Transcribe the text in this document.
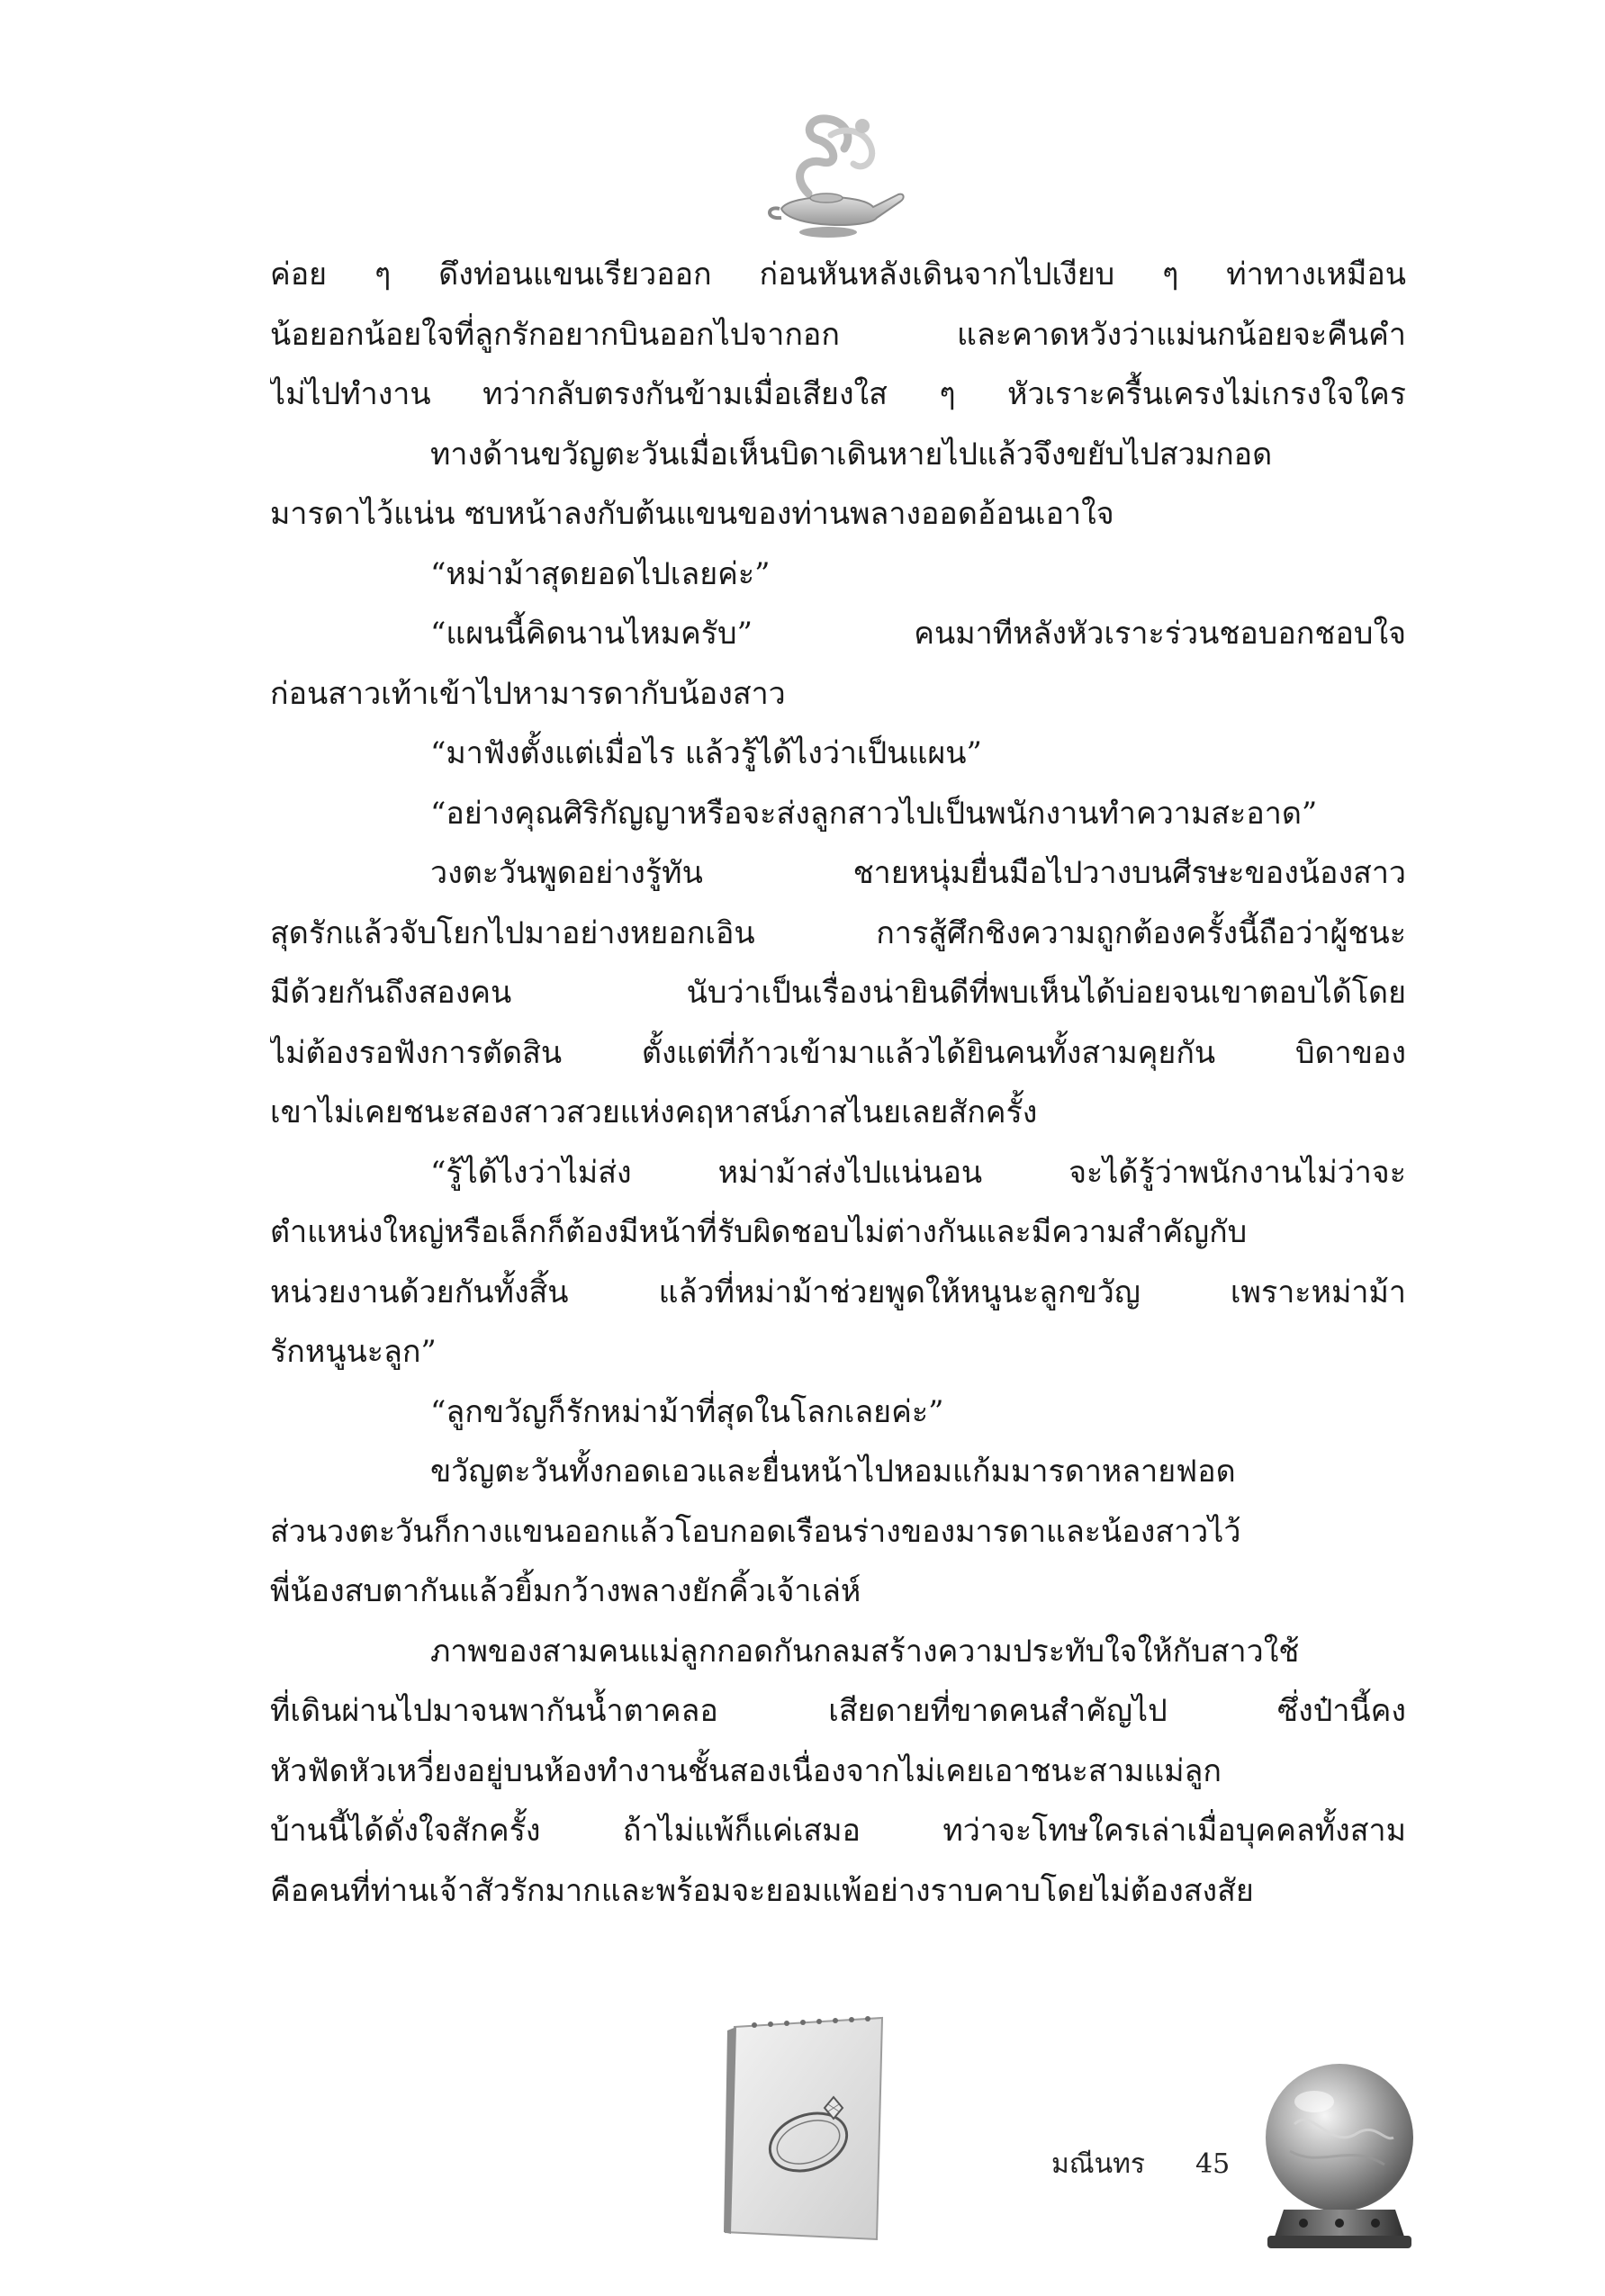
ค่อย ๆ ดึงท่อนแขนเรียวออก ก่อนหันหลังเดินจากไปเงียบ ๆ ท่าทางเหมือน
น้อยอกน้อยใจที่ลูกรักอยากบินออกไปจากอก และคาดหวังว่าแม่นกน้อยจะคืนคำ
ไม่ไปทำงาน ทว่ากลับตรงกันข้ามเมื่อเสียงใส ๆ หัวเราะครื้นเครงไม่เกรงใจใคร
ทางด้านขวัญตะวันเมื่อเห็นบิดาเดินหายไปแล้วจึงขยับไปสวมกอด
มารดาไว้แน่น ซบหน้าลงกับต้นแขนของท่านพลางออดอ้อนเอาใจ
“หม่าม้าสุดยอดไปเลยค่ะ”
“แผนนี้คิดนานไหมครับ” คนมาทีหลังหัวเราะร่วนชอบอกชอบใจ
ก่อนสาวเท้าเข้าไปหามารดากับน้องสาว
“มาฟังตั้งแต่เมื่อไร แล้วรู้ได้ไงว่าเป็นแผน”
“อย่างคุณศิริกัญญาหรือจะส่งลูกสาวไปเป็นพนักงานทำความสะอาด”
วงตะวันพูดอย่างรู้ทัน ชายหนุ่มยื่นมือไปวางบนศีรษะของน้องสาว
สุดรักแล้วจับโยกไปมาอย่างหยอกเอิน การสู้ศึกชิงความถูกต้องครั้งนี้ถือว่าผู้ชนะ
มีด้วยกันถึงสองคน นับว่าเป็นเรื่องน่ายินดีที่พบเห็นได้บ่อยจนเขาตอบได้โดย
ไม่ต้องรอฟังการตัดสิน ตั้งแต่ที่ก้าวเข้ามาแล้วได้ยินคนทั้งสามคุยกัน บิดาของ
เขาไม่เคยชนะสองสาวสวยแห่งคฤหาสน์ภาสไนยเลยสักครั้ง
“รู้ได้ไงว่าไม่ส่ง หม่าม้าส่งไปแน่นอน จะได้รู้ว่าพนักงานไม่ว่าจะ
ตำแหน่งใหญ่หรือเล็กก็ต้องมีหน้าที่รับผิดชอบไม่ต่างกันและมีความสำคัญกับ
หน่วยงานด้วยกันทั้งสิ้น แล้วที่หม่าม้าช่วยพูดให้หนูนะลูกขวัญ เพราะหม่าม้า
รักหนูนะลูก”
“ลูกขวัญก็รักหม่าม้าที่สุดในโลกเลยค่ะ”
ขวัญตะวันทั้งกอดเอวและยื่นหน้าไปหอมแก้มมารดาหลายฟอด
ส่วนวงตะวันก็กางแขนออกแล้วโอบกอดเรือนร่างของมารดาและน้องสาวไว้
พี่น้องสบตากันแล้วยิ้มกว้างพลางยักคิ้วเจ้าเล่ห์
ภาพของสามคนแม่ลูกกอดกันกลมสร้างความประทับใจให้กับสาวใช้
ที่เดินผ่านไปมาจนพากันน้ำตาคลอ เสียดายที่ขาดคนสำคัญไป ซึ่งป๋านี้คง
หัวฟัดหัวเหวี่ยงอยู่บนห้องทำงานชั้นสองเนื่องจากไม่เคยเอาชนะสามแม่ลูก
บ้านนี้ได้ดั่งใจสักครั้ง ถ้าไม่แพ้ก็แค่เสมอ ทว่าจะโทษใครเล่าเมื่อบุคคลทั้งสาม
คือคนที่ท่านเจ้าสัวรักมากและพร้อมจะยอมแพ้อย่างราบคาบโดยไม่ต้องสงสัย
มณีนทร 45
